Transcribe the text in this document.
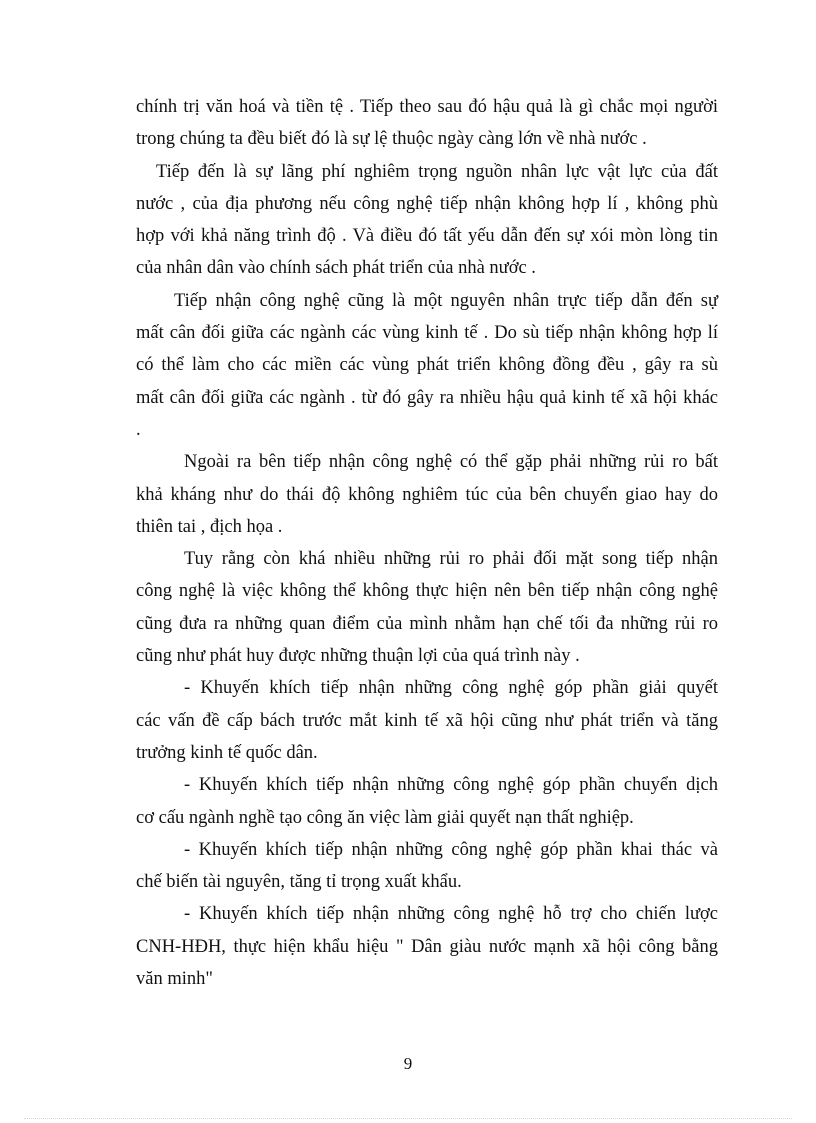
chính trị văn hoá và tiền tệ . Tiếp theo sau đó hậu quả là gì chắc mọi người
trong chúng ta đều biết đó là sự lệ thuộc ngày càng lớn về nhà nước .

Tiếp đến là sự lãng phí nghiêm trọng nguồn nhân lực vật lực của đất
nước , của địa phương nếu công nghệ tiếp nhận không hợp lí , không phù
hợp với khả năng trình độ . Và điều đó tất yếu dẫn đến sự xói mòn lòng tin
của nhân dân vào chính sách phát triển của nhà nước .

Tiếp nhận công nghệ cũng là một nguyên nhân trực tiếp dẫn đến sự
mất cân đối giữa các ngành các vùng kinh tế . Do sù tiếp nhận không hợp lí
có thể làm cho các miền các vùng phát triển không đồng đều , gây ra sù
mất cân đối giữa các ngành . từ đó gây ra nhiều hậu quả kinh tế xã hội khác
.

Ngoài ra bên tiếp nhận công nghệ có thể gặp phải những rủi ro bất
khả kháng như do thái độ không nghiêm túc của bên chuyển giao hay do
thiên tai , địch họa .

Tuy rằng còn khá nhiều những rủi ro phải đối mặt song tiếp nhận
công nghệ là việc không thể không thực hiện nên bên tiếp nhận công nghệ
cũng đưa ra những quan điểm của mình nhằm hạn chế tối đa những rủi ro
cũng như phát huy được những thuận lợi của quá trình này .

- Khuyến khích tiếp nhận những công nghệ góp phần giải quyết
các vấn đề cấp bách trước mắt kinh tế xã hội cũng như phát triển và tăng
trưởng kinh tế quốc dân.

- Khuyến khích tiếp nhận những công nghệ góp phần chuyển dịch
cơ cấu ngành nghề tạo công ăn việc làm giải quyết nạn thất nghiệp.

- Khuyến khích tiếp nhận những công nghệ góp phần khai thác và
chế biến tài nguyên, tăng tỉ trọng xuất khẩu.

- Khuyến khích tiếp nhận những công nghệ hỗ trợ cho chiến lược
CNH-HĐH, thực hiện khẩu hiệu " Dân giàu nước mạnh xã hội công bằng
văn minh"

9
